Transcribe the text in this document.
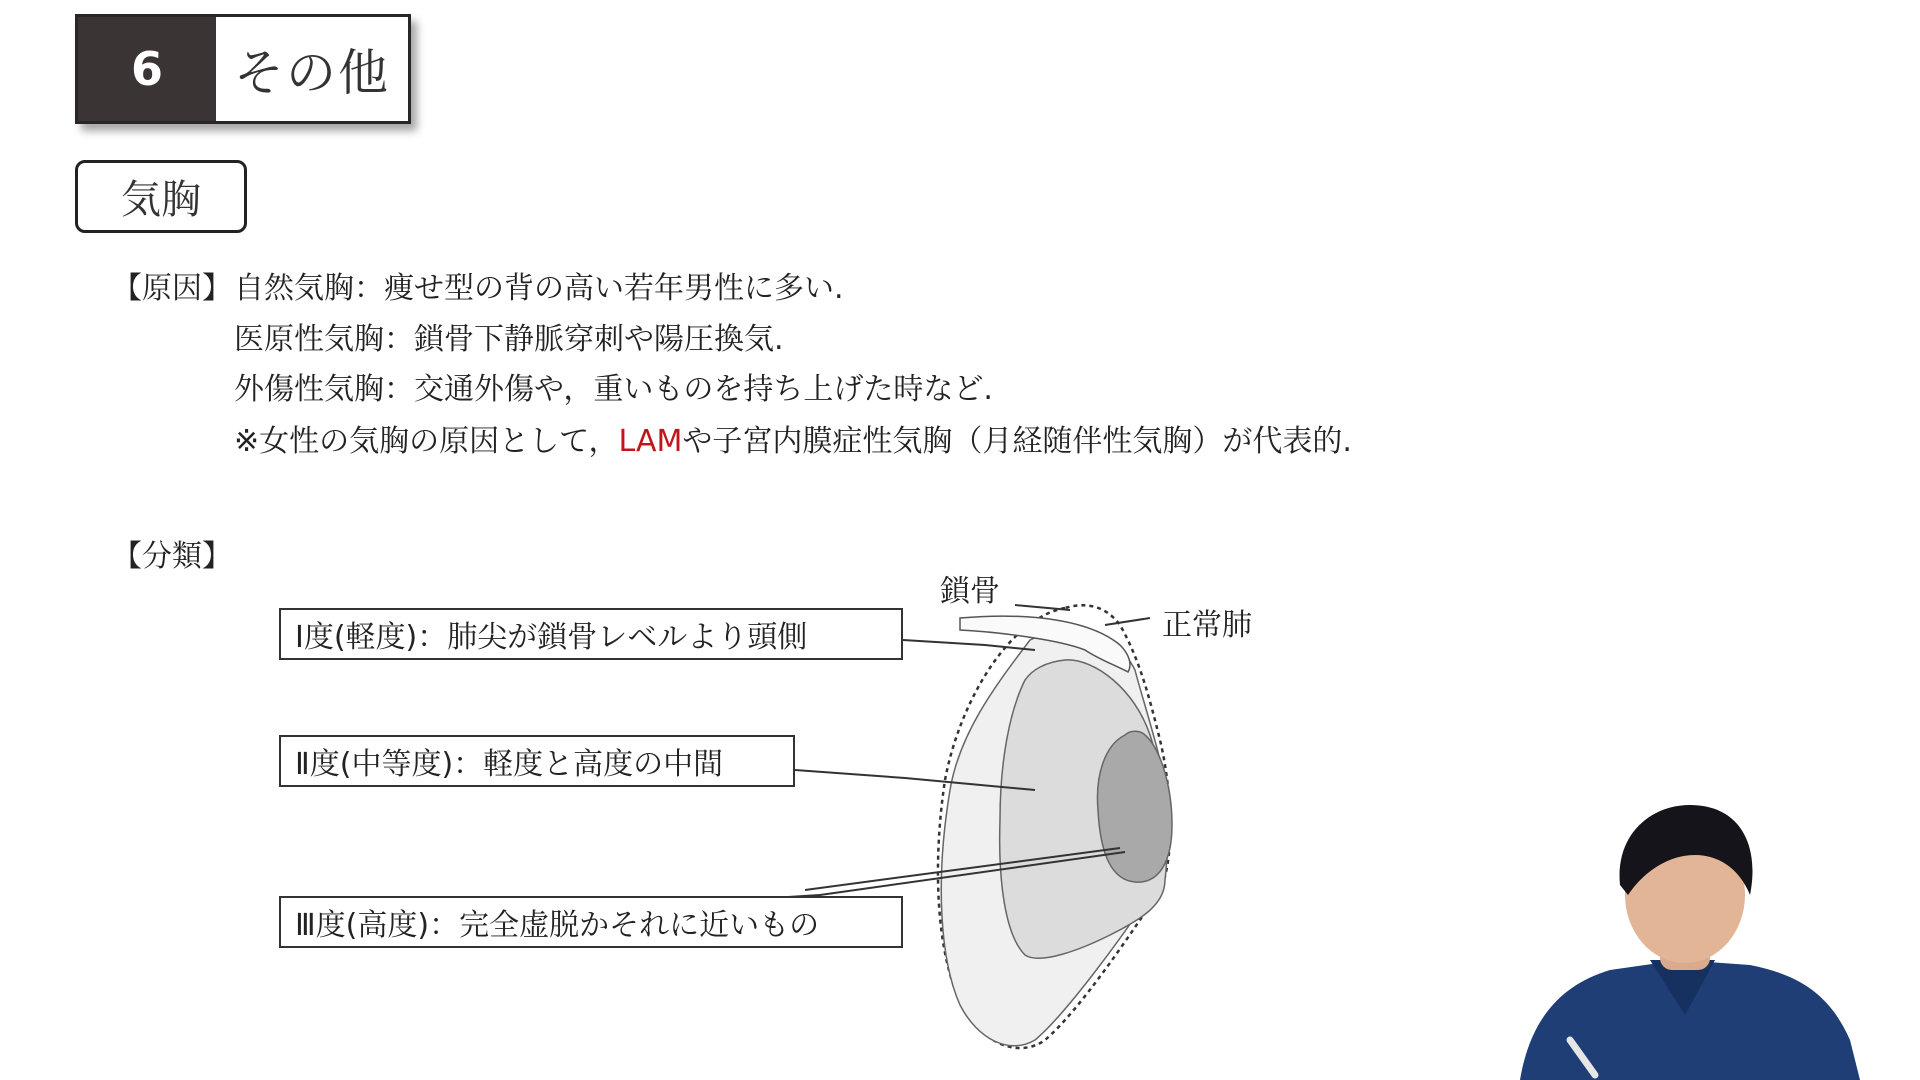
6	その他
気胸
【原因】 自然気胸：痩せ型の背の高い若年男性に多い.
医原性気胸：鎖骨下静脈穿刺や陽圧換気.
外傷性気胸：交通外傷や，重いものを持ち上げた時など.
※女性の気胸の原因として，LAMや子宮内膜症性気胸（月経随伴性気胸）が代表的.
【分類】
鎖骨
正常肺
Ⅰ度(軽度)：肺尖が鎖骨レベルより頭側
Ⅱ度(中等度)：軽度と高度の中間
Ⅲ度(高度)：完全虚脱かそれに近いもの
